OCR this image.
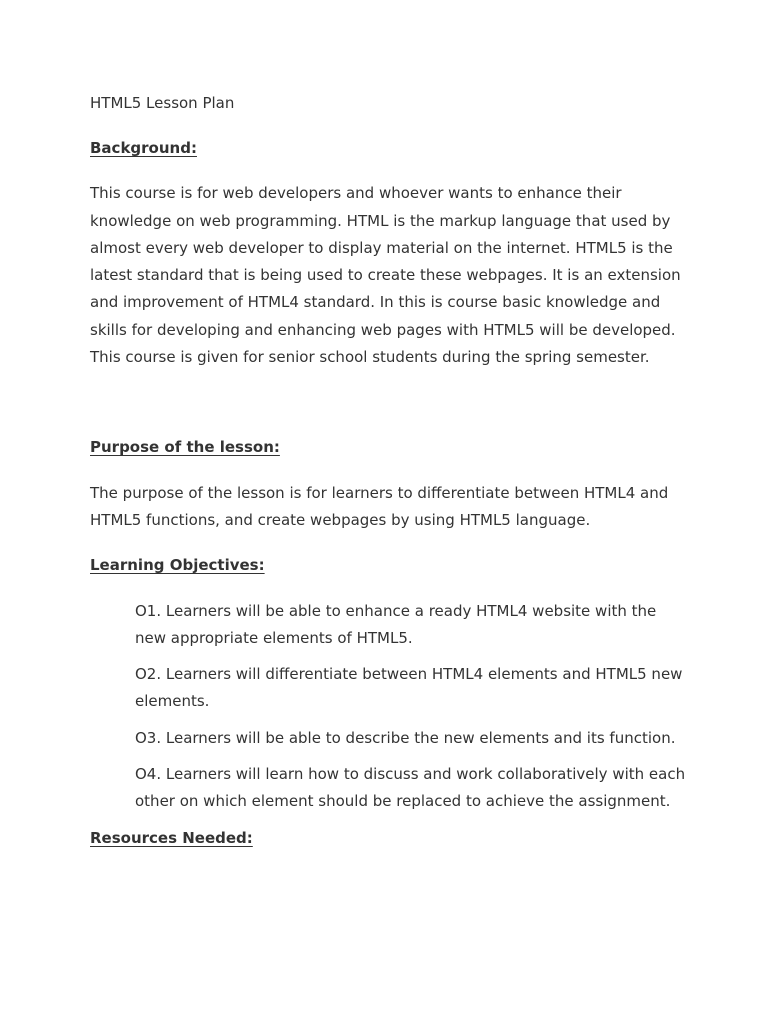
HTML5 Lesson Plan

Background:

This course is for web developers and whoever wants to enhance their knowledge on web programming. HTML is the markup language that used by almost every web developer to display material on the internet. HTML5 is the latest standard that is being used to create these webpages. It is an extension and improvement of HTML4 standard. In this is course basic knowledge and skills for developing and enhancing web pages with HTML5 will be developed. This course is given for senior school students during the spring semester.

Purpose of the lesson:

The purpose of the lesson is for learners to differentiate between HTML4 and HTML5 functions, and create webpages by using HTML5 language.

Learning Objectives:

O1. Learners will be able to enhance a ready HTML4 website with the new appropriate elements of HTML5.
O2. Learners will differentiate between HTML4 elements and HTML5 new elements.
O3. Learners will be able to describe the new elements and its function.
O4. Learners will learn how to discuss and work collaboratively with each other on which element should be replaced to achieve the assignment.

Resources Needed:
